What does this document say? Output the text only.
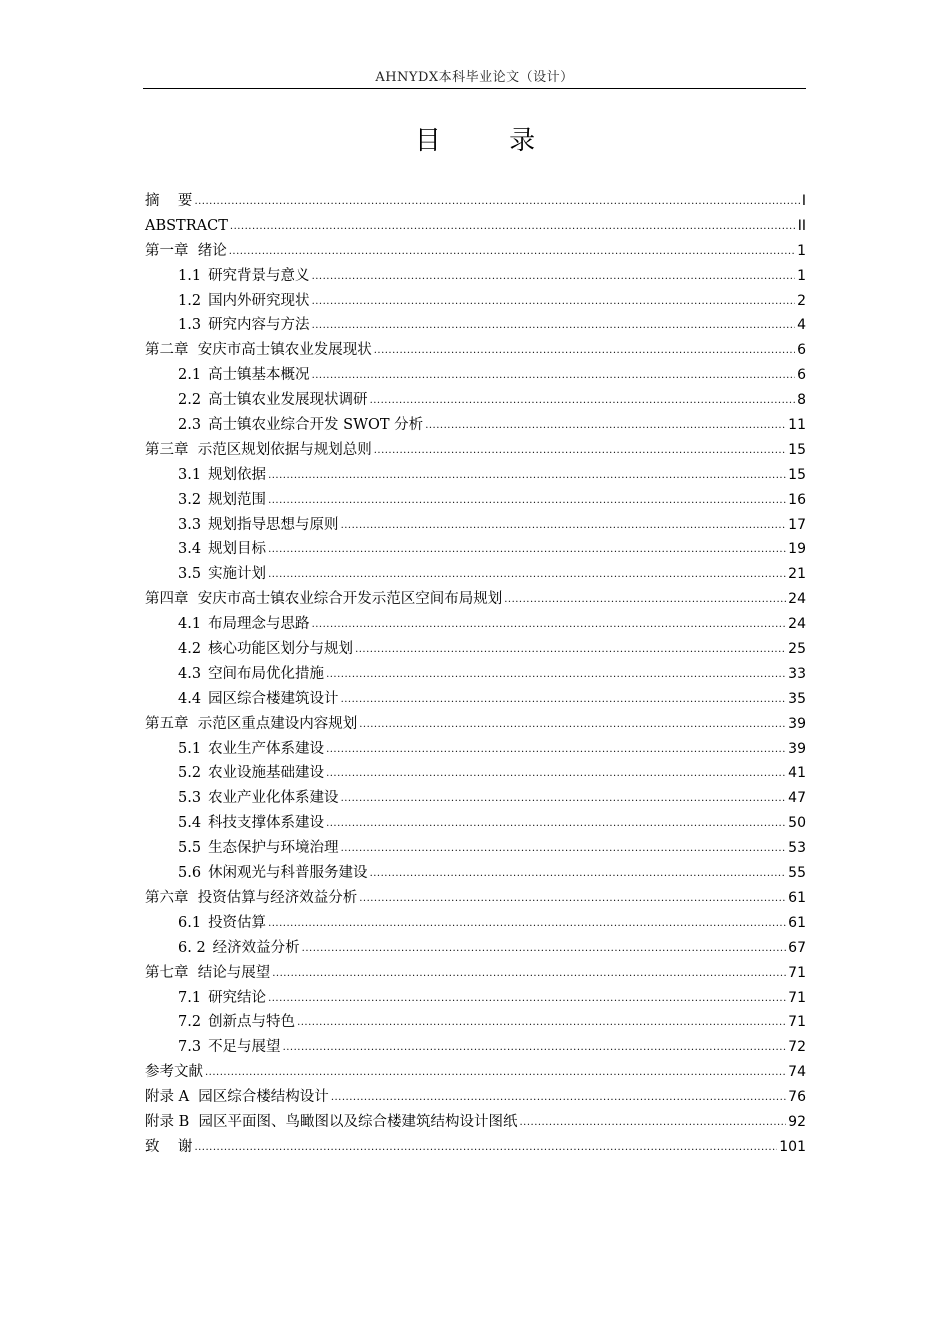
AHNYDX本科毕业论文（设计）
目 录
摘    要 .....	I
ABSTRACT .....	II
第一章  绪论 .....	1
1.1 研究背景与意义 .....	1
1.2 国内外研究现状 .....	2
1.3 研究内容与方法 .....	4
第二章  安庆市高士镇农业发展现状 .....	6
2.1 高士镇基本概况 .....	6
2.2 高士镇农业发展现状调研 .....	8
2.3 高士镇农业综合开发 SWOT 分析 .....	11
第三章  示范区规划依据与规划总则 .....	15
3.1 规划依据 .....	15
3.2 规划范围 .....	16
3.3 规划指导思想与原则 .....	17
3.4 规划目标 .....	19
3.5 实施计划 .....	21
第四章  安庆市高士镇农业综合开发示范区空间布局规划 .....	24
4.1 布局理念与思路 .....	24
4.2 核心功能区划分与规划 .....	25
4.3 空间布局优化措施 .....	33
4.4 园区综合楼建筑设计 .....	35
第五章  示范区重点建设内容规划 .....	39
5.1 农业生产体系建设 .....	39
5.2 农业设施基础建设 .....	41
5.3 农业产业化体系建设 .....	47
5.4 科技支撑体系建设 .....	50
5.5 生态保护与环境治理 .....	53
5.6 休闲观光与科普服务建设 .....	55
第六章  投资估算与经济效益分析 .....	61
6.1 投资估算 .....	61
6. 2 经济效益分析 .....	67
第七章  结论与展望 .....	71
7.1 研究结论 .....	71
7.2 创新点与特色 .....	71
7.3 不足与展望 .....	72
参考文献 .....	74
附录 A  园区综合楼结构设计 .....	76
附录 B  园区平面图、鸟瞰图以及综合楼建筑结构设计图纸 .....	92
致    谢 .....	101
